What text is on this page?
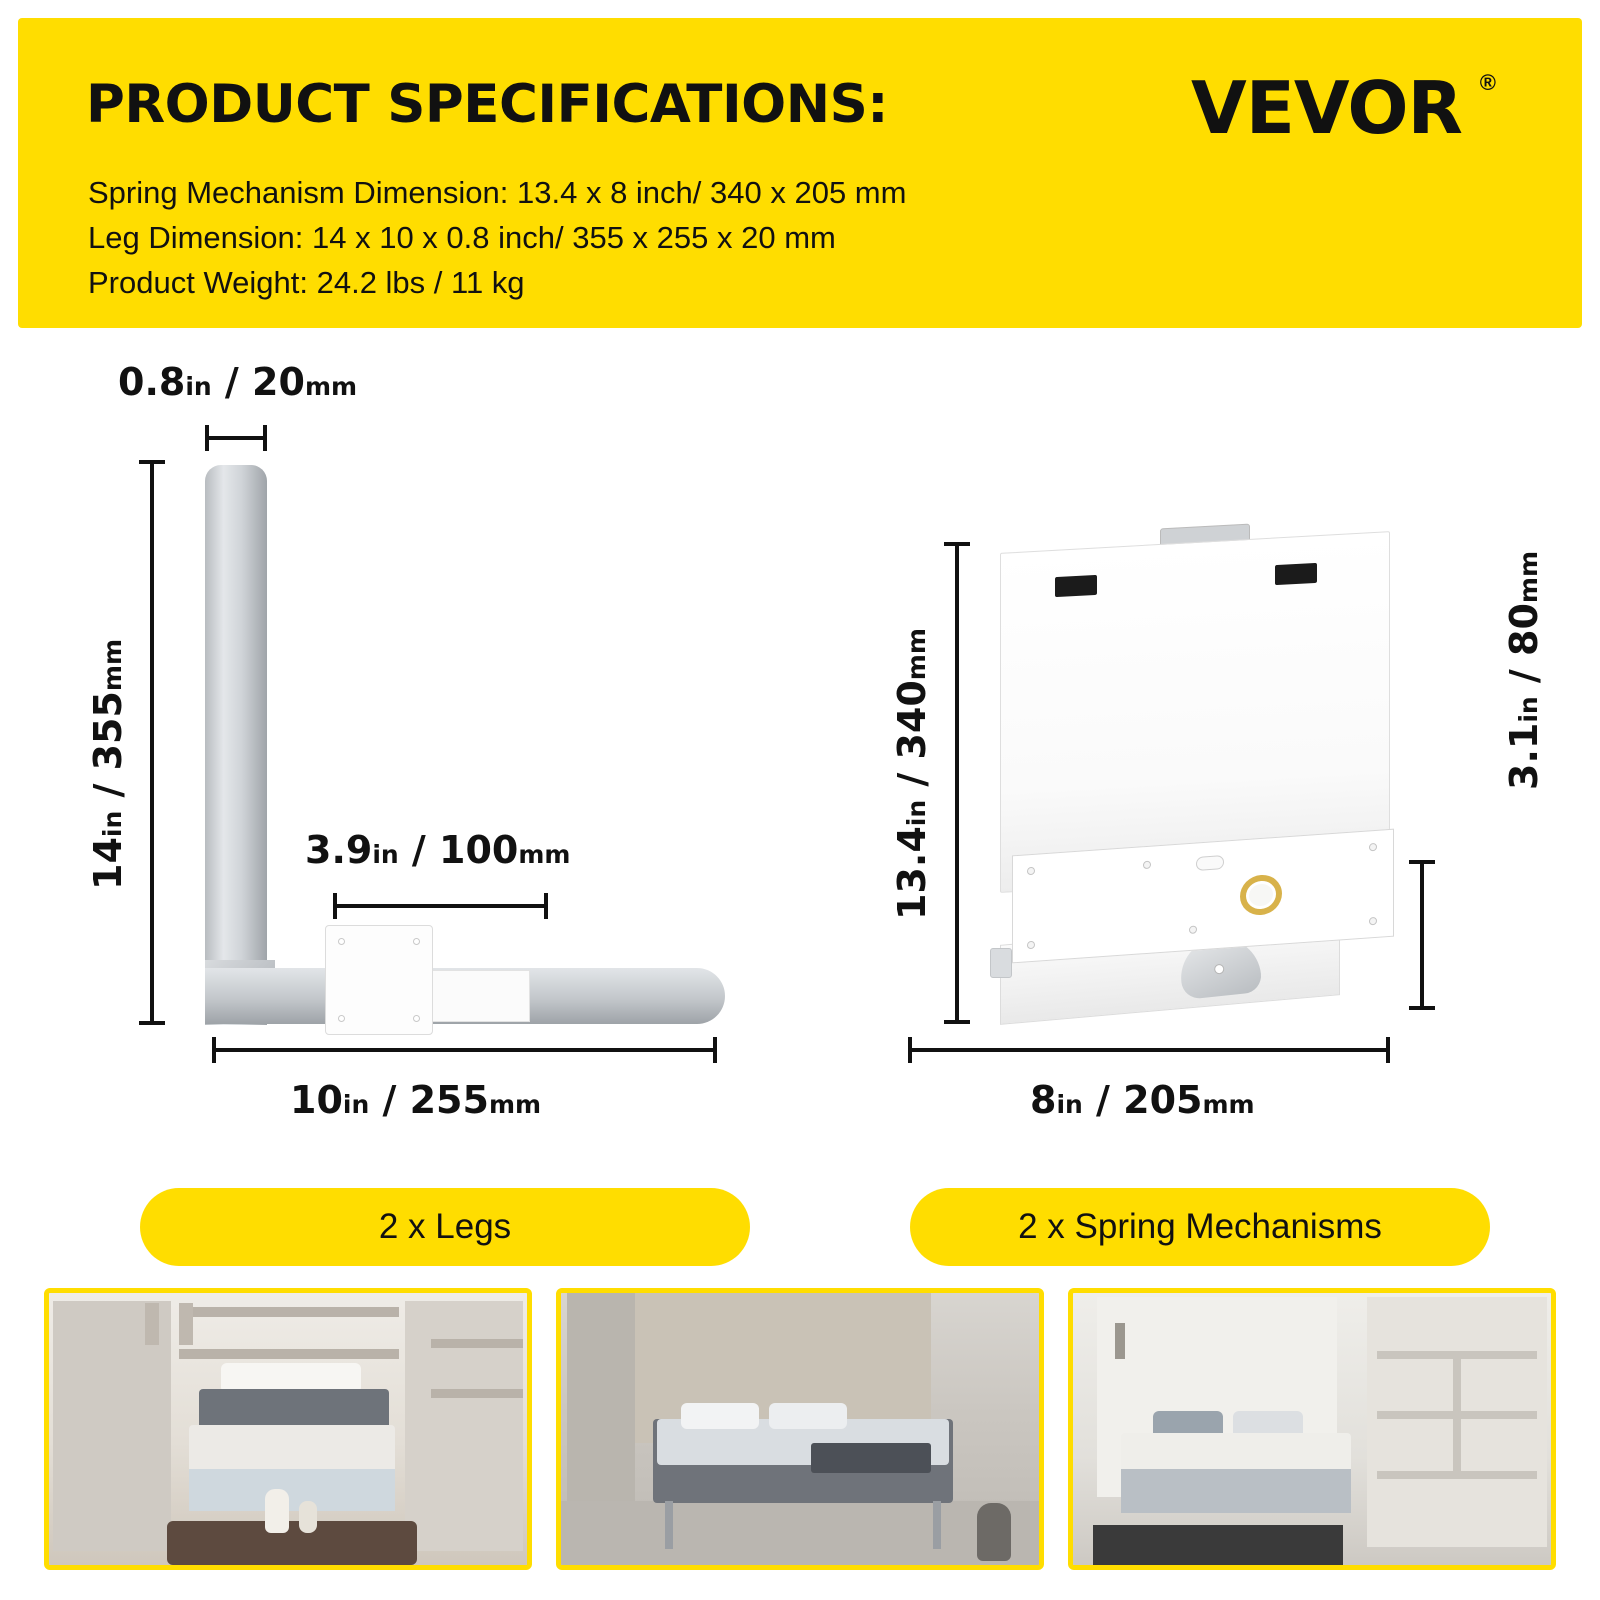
PRODUCT SPECIFICATIONS:	VEVOR ®
Spring Mechanism Dimension: 13.4 x 8 inch/ 340 x 205 mm
Leg Dimension: 14 x 10 x 0.8 inch/ 355 x 255 x 20 mm
Product Weight: 24.2 lbs / 11 kg
0.8in / 20mm
14in / 355mm
3.9in / 100mm
10in / 255mm
13.4in / 340mm
3.1in / 80mm
8in / 205mm
2 x Legs	2 x Spring Mechanisms
